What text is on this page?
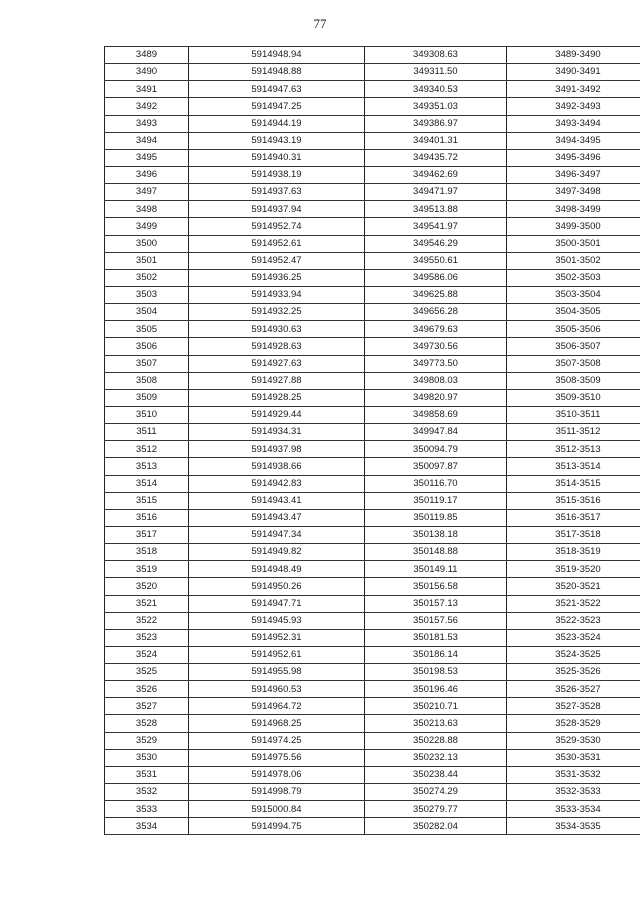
77
3489	5914948.94	349308.63	3489-3490
3490	5914948.88	349311.50	3490-3491
3491	5914947.63	349340.53	3491-3492
3492	5914947.25	349351.03	3492-3493
3493	5914944.19	349386.97	3493-3494
3494	5914943.19	349401.31	3494-3495
3495	5914940.31	349435.72	3495-3496
3496	5914938.19	349462.69	3496-3497
3497	5914937.63	349471.97	3497-3498
3498	5914937.94	349513.88	3498-3499
3499	5914952.74	349541.97	3499-3500
3500	5914952.61	349546.29	3500-3501
3501	5914952.47	349550.61	3501-3502
3502	5914936.25	349586.06	3502-3503
3503	5914933.94	349625.88	3503-3504
3504	5914932.25	349656.28	3504-3505
3505	5914930.63	349679.63	3505-3506
3506	5914928.63	349730.56	3506-3507
3507	5914927.63	349773.50	3507-3508
3508	5914927.88	349808.03	3508-3509
3509	5914928.25	349820.97	3509-3510
3510	5914929.44	349858.69	3510-3511
3511	5914934.31	349947.84	3511-3512
3512	5914937.98	350094.79	3512-3513
3513	5914938.66	350097.87	3513-3514
3514	5914942.83	350116.70	3514-3515
3515	5914943.41	350119.17	3515-3516
3516	5914943.47	350119.85	3516-3517
3517	5914947.34	350138.18	3517-3518
3518	5914949.82	350148.88	3518-3519
3519	5914948.49	350149.11	3519-3520
3520	5914950.26	350156.58	3520-3521
3521	5914947.71	350157.13	3521-3522
3522	5914945.93	350157.56	3522-3523
3523	5914952.31	350181.53	3523-3524
3524	5914952.61	350186.14	3524-3525
3525	5914955.98	350198.53	3525-3526
3526	5914960.53	350196.46	3526-3527
3527	5914964.72	350210.71	3527-3528
3528	5914968.25	350213.63	3528-3529
3529	5914974.25	350228.88	3529-3530
3530	5914975.56	350232.13	3530-3531
3531	5914978.06	350238.44	3531-3532
3532	5914998.79	350274.29	3532-3533
3533	5915000.84	350279.77	3533-3534
3534	5914994.75	350282.04	3534-3535
